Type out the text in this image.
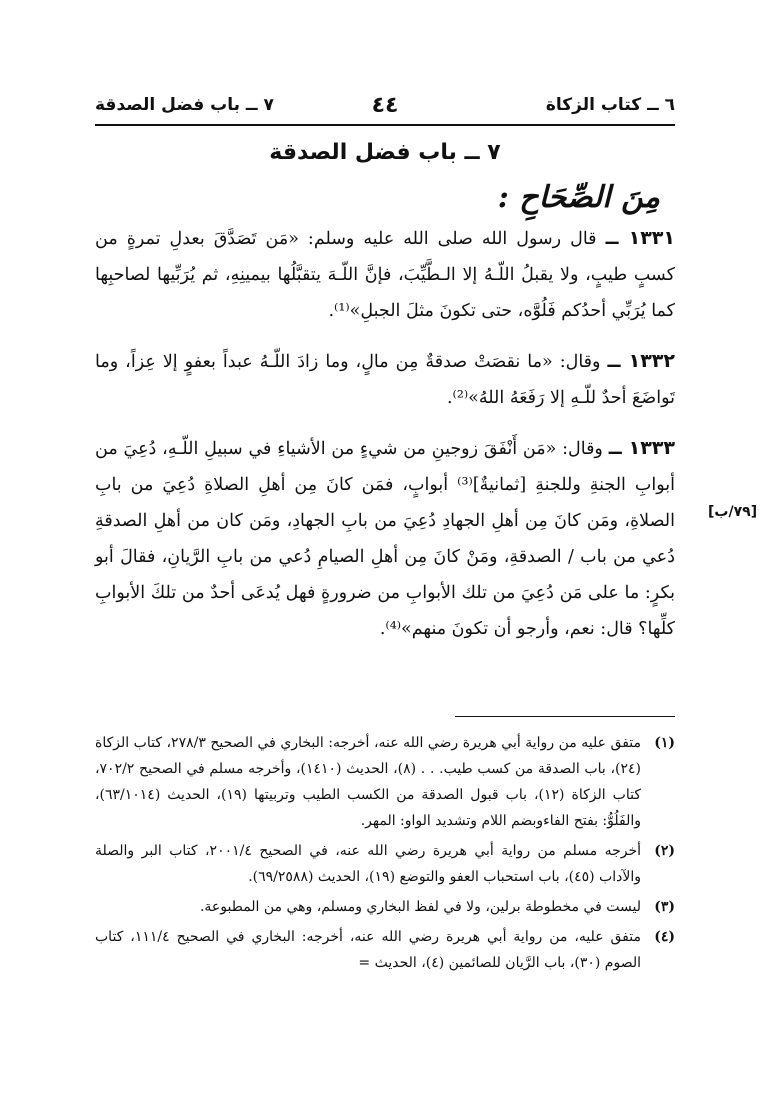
٦ ــ كتاب الزكاة
٤٤
٧ ــ باب فضل الصدقة
٧ ــ باب فضل الصدقة
مِنَ الصِّحَاحِ :

١٣٣١ ــ قال رسول الله صلى الله عليه وسلم: «مَن تَصَدَّقَ بعدلِ تمرةٍ من كسبٍ طيبٍ، ولا يقبلُ اللّـهُ إلا الـطَّيِّبَ، فإنَّ اللّـهَ يتقبَّلُها بيمينِهِ، ثم يُرَبِّيها لصاحبِها كما يُرَبِّي أحدُكم فَلُوَّه، حتى تكونَ مثلَ الجبلِ»⁽¹⁾.

١٣٣٢ ــ وقال: «ما نقصَتْ صدقةٌ مِن مالٍ، وما زادَ اللّـهُ عبداً بعفوٍ إلا عِزاً، وما تَواضَعَ أحدٌ للّـهِ إلا رَفَعَهُ اللهُ»⁽²⁾.

١٣٣٣ ــ وقال: «مَن أَنْفَقَ زوجينِ من شيءٍ من الأشياءِ في سبيلِ اللّـهِ، دُعِيَ من أبوابِ الجنةِ وللجنةِ [ثمانيةٌ]⁽³⁾ أبوابٍ، فمَن كانَ مِن أهلِ الصلاةِ دُعِيَ من بابِ الصلاةِ، ومَن كانَ مِن أهلِ الجهادِ دُعِيَ من بابِ الجهادِ، ومَن كان من أهلِ الصدقةِ دُعي من باب / الصدقةِ، ومَنْ كانَ مِن أهلِ الصيامِ دُعي من بابِ الرَّيانِ، فقالَ أبو بكرٍ: ما على مَن دُعِيَ من تلك الأبوابِ من ضرورةٍ فهل يُدعَى أحدٌ من تلكَ الأبوابِ كلِّها؟ قال: نعم، وأرجو أن تكونَ منهم»⁽⁴⁾.

[٧٩/ب]
(١)
متفق عليه من رواية أبي هريرة رضي الله عنه، أخرجه: البخاري في الصحيح ٢٧٨/٣، كتاب الزكاة (٢٤)، باب الصدقة من كسب طيب. . . (٨)، الحديث (١٤١٠)، وأخرجه مسلم في الصحيح ٧٠٢/٢، كتاب الزكاة (١٢)، باب قبول الصدقة من الكسب الطيب وتربيتها (١٩)، الحديث (٦٣/١٠١٤)، والفَلُوُّ: بفتح الفاءوبضم اللام وتشديد الواو: المهر.
(٢)
أخرجه مسلم من رواية أبي هريرة رضي الله عنه، في الصحيح ٢٠٠١/٤، كتاب البر والصلة والآداب (٤٥)، باب استحباب العفو والتوضع (١٩)، الحديث (٦٩/٢٥٨٨).
(٣)
ليست في مخطوطة برلين، ولا في لفظ البخاري ومسلم، وهي من المطبوعة.
(٤)
متفق عليه، من رواية أبي هريرة رضي الله عنه، أخرجه: البخاري في الصحيح ١١١/٤، كتاب الصوم (٣٠)، باب الرَّيان للصائمين (٤)، الحديث =
